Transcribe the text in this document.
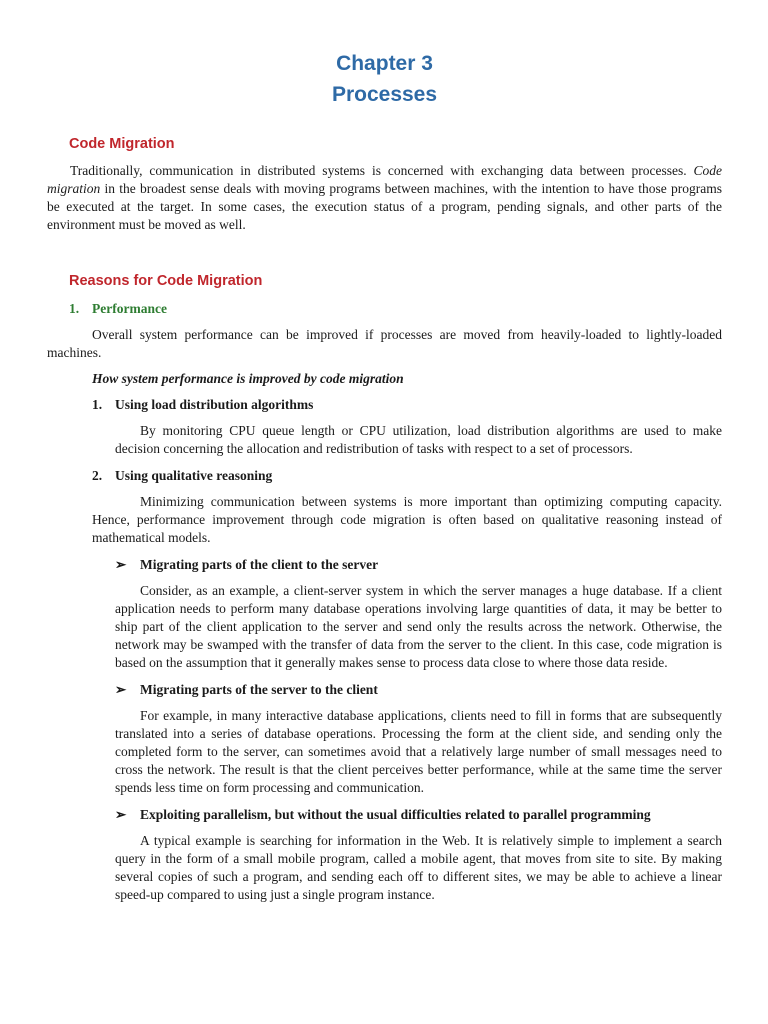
Chapter 3
Processes
Code Migration

Traditionally, communication in distributed systems is concerned with exchanging data between processes. Code migration in the broadest sense deals with moving programs between machines, with the intention to have those programs be executed at the target. In some cases, the execution status of a program, pending signals, and other parts of the environment must be moved as well.

Reasons for Code Migration
1. Performance

Overall system performance can be improved if processes are moved from heavily-loaded to lightly-loaded machines.

How system performance is improved by code migration
1. Using load distribution algorithms

By monitoring CPU queue length or CPU utilization, load distribution algorithms are used to make decision concerning the allocation and redistribution of tasks with respect to a set of processors.

2. Using qualitative reasoning

Minimizing communication between systems is more important than optimizing computing capacity. Hence, performance improvement through code migration is often based on qualitative reasoning instead of mathematical models.

➢	Migrating parts of the client to the server

Consider, as an example, a client-server system in which the server manages a huge database. If a client application needs to perform many database operations involving large quantities of data, it may be better to ship part of the client application to the server and send only the results across the network. Otherwise, the network may be swamped with the transfer of data from the server to the client. In this case, code migration is based on the assumption that it generally makes sense to process data close to where those data reside.

➢	Migrating parts of the server to the client

For example, in many interactive database applications, clients need to fill in forms that are subsequently translated into a series of database operations. Processing the form at the client side, and sending only the completed form to the server, can sometimes avoid that a relatively large number of small messages need to cross the network. The result is that the client perceives better performance, while at the same time the server spends less time on form processing and communication.

➢	Exploiting parallelism, but without the usual difficulties related to parallel programming

A typical example is searching for information in the Web. It is relatively simple to implement a search query in the form of a small mobile program, called a mobile agent, that moves from site to site. By making several copies of such a program, and sending each off to different sites, we may be able to achieve a linear speed-up compared to using just a single program instance.
